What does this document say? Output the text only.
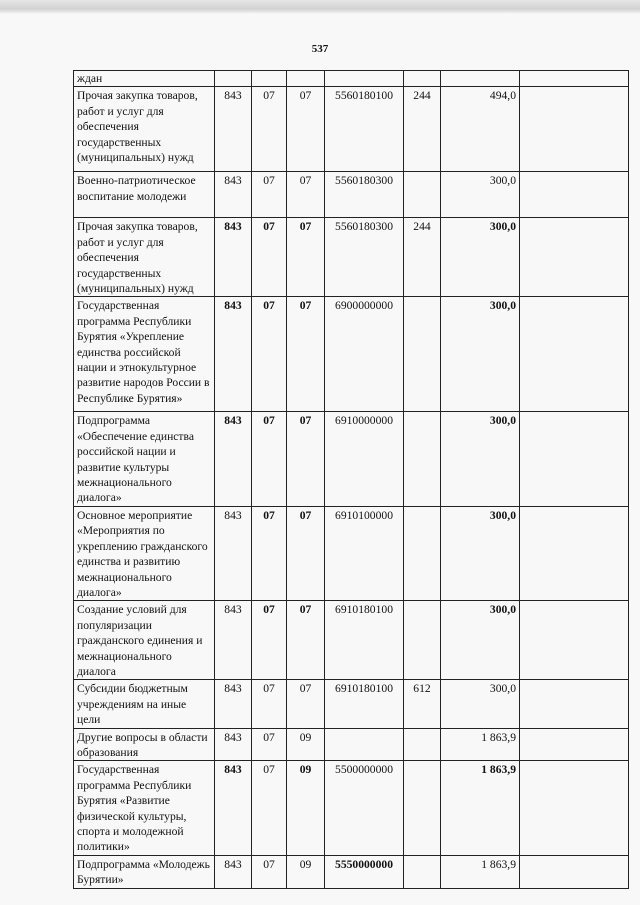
537
ждан							
Прочая закупка товаров, работ и услуг для обеспечения государственных (муниципальных) нужд	843	07	07	5560180100	244	494,0	
Военно-патриотическое воспитание молодежи	843	07	07	5560180300		300,0	
Прочая закупка товаров, работ и услуг для обеспечения государственных (муниципальных) нужд	843	07	07	5560180300	244	300,0	
Государственная программа Республики Бурятия «Укрепление единства российской нации и этнокультурное развитие народов России в Республике Бурятия»	843	07	07	6900000000		300,0	
Подпрограмма «Обеспечение единства российской нации и развитие культуры межнационального диалога»	843	07	07	6910000000		300,0	
Основное мероприятие «Мероприятия по укреплению гражданского единства и развитию межнационального диалога»	843	07	07	6910100000		300,0	
Создание условий для популяризации гражданского единения и межнационального диалога	843	07	07	6910180100		300,0	
Субсидии бюджетным учреждениям на иные цели	843	07	07	6910180100	612	300,0	
Другие вопросы в области образования	843	07	09			1 863,9	
Государственная программа Республики Бурятия «Развитие физической культуры, спорта и молодежной политики»	843	07	09	5500000000		1 863,9	
Подпрограмма «Молодежь Бурятии»	843	07	09	5550000000		1 863,9	
